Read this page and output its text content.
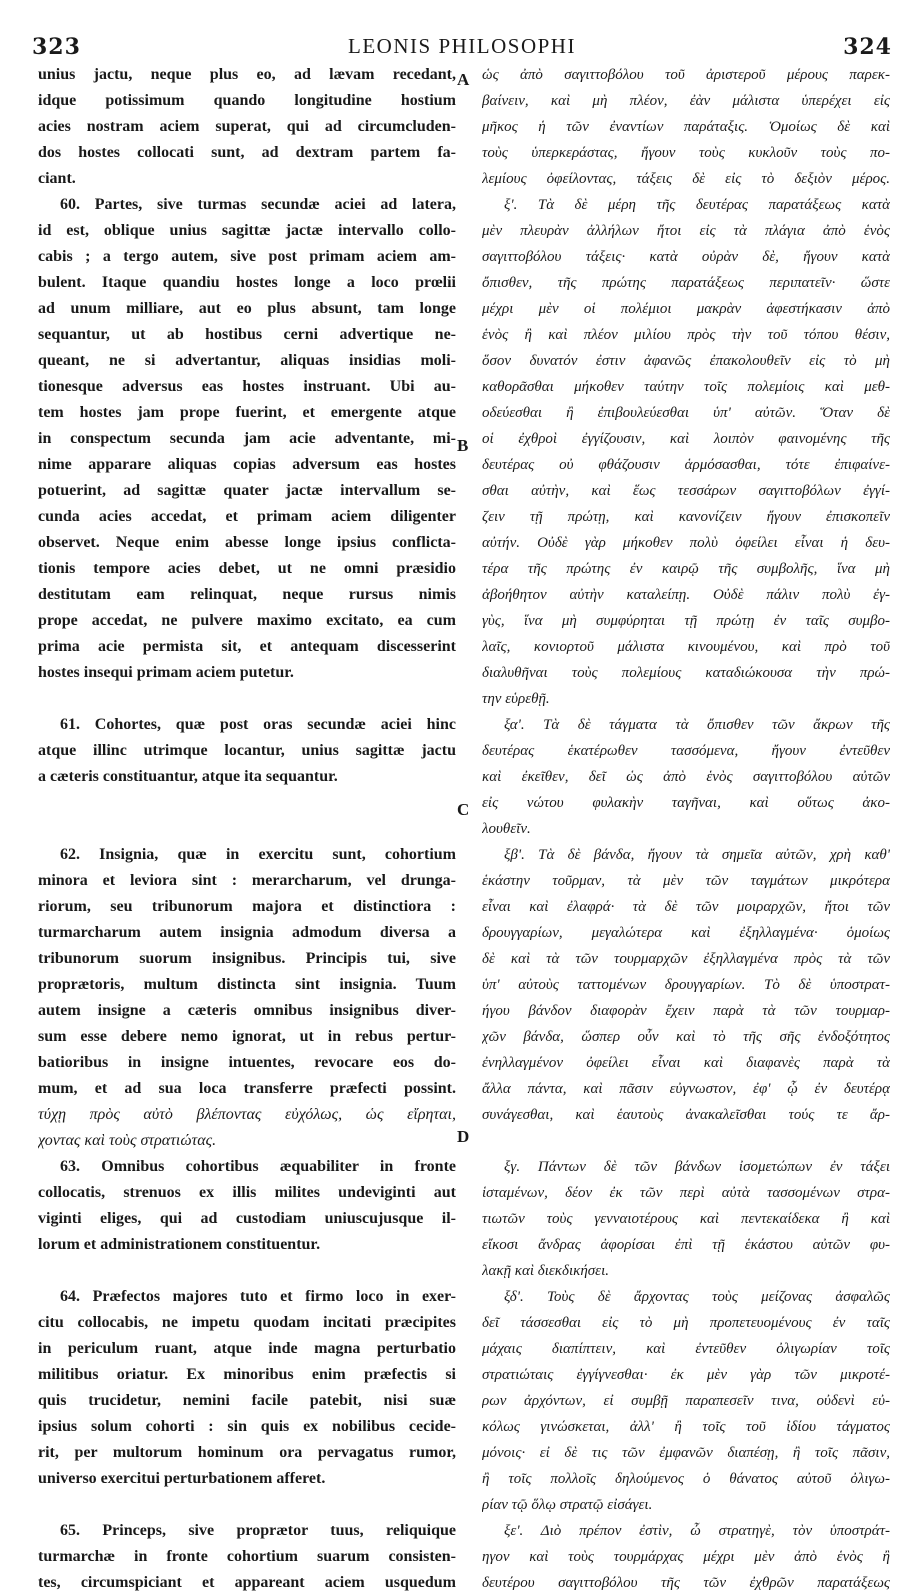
323	LEONIS PHILOSOPHI	324
A
B
C
D
unius jactu, neque plus eo, ad lævam recedant,
idque potissimum quando longitudine hostium
acies nostram aciem superat, qui ad circumcluden-
dos hostes collocati sunt, ad dextram partem fa-
ciant.
60. Partes, sive turmas secundæ aciei ad latera,
id est, oblique unius sagittæ jactæ intervallo collo-
cabis ; a tergo autem, sive post primam aciem am-
bulent. Itaque quandiu hostes longe a loco prœlii
ad unum milliare, aut eo plus absunt, tam longe
sequantur, ut ab hostibus cerni advertique ne-
queant, ne si advertantur, aliquas insidias moli-
tionesque adversus eas hostes instruant. Ubi au-
tem hostes jam prope fuerint, et emergente atque
in conspectum secunda jam acie adventante, mi-
nime apparare aliquas copias adversum eas hostes
potuerint, ad sagittæ quater jactæ intervallum se-
cunda acies accedat, et primam aciem diligenter
observet. Neque enim abesse longe ipsius conflicta-
tionis tempore acies debet, ut ne omni præsidio
destitutam eam relinquat, neque rursus nimis
prope accedat, ne pulvere maximo excitato, ea cum
prima acie permista sit, et antequam discesserint
hostes insequi primam aciem putetur.
61. Cohortes, quæ post oras secundæ aciei hinc
atque illinc utrimque locantur, unius sagittæ jactu
a cæteris constituantur, atque ita sequantur.
62. Insignia, quæ in exercitu sunt, cohortium
minora et leviora sint : merarcharum, vel drunga-
riorum, seu tribunorum majora et distinctiora :
turmarcharum autem insignia admodum diversa a
tribunorum suorum insignibus. Principis tui, sive
proprætoris, multum distincta sint insignia. Tuum
autem insigne a cæteris omnibus insignibus diver-
sum esse debere nemo ignorat, ut in rebus pertur-
batioribus in insigne intuentes, revocare eos do-
mum, et ad sua loca transferre præfecti possint.
τύχῃ πρὸς αὐτὸ βλέποντας εὐχόλως, ὡς εἴρηται,
χοντας καὶ τοὺς στρατιώτας.
63. Omnibus cohortibus æquabiliter in fronte
collocatis, strenuos ex illis milites undeviginti aut
viginti eliges, qui ad custodiam uniuscujusque il-
lorum et administrationem constituentur.
64. Præfectos majores tuto et firmo loco in exer-
citu collocabis, ne impetu quodam incitati præcipites
in periculum ruant, atque inde magna perturbatio
militibus oriatur. Ex minoribus enim præfectis si
quis trucidetur, nemini facile patebit, nisi suæ
ipsius solum cohorti : sin quis ex nobilibus cecide-
rit, per multorum hominum ora pervagatus rumor,
universo exercitui perturbationem afferet.
65. Princeps, sive proprætor tuus, reliquique
turmarchæ in fronte cohortium suarum consisten-
tes, circumspiciant et appareant aciem usquedum
ὡς ἀπὸ σαγιττοβόλου τοῦ ἀριστεροῦ μέρους παρεκ-
βαίνειν, καὶ μὴ πλέον, ἐὰν μάλιστα ὑπερέχει εἰς
μῆκος ἡ τῶν ἐναντίων παράταξις. Ὁμοίως δὲ καὶ
τοὺς ὑπερκεράστας, ἤγουν τοὺς κυκλοῦν τοὺς πο-
λεμίους ὀφείλοντας, τάξεις δὲ εἰς τὸ δεξιὸν μέρος.
ξ'. Τὰ δὲ μέρη τῆς δευτέρας παρατάξεως κατὰ
μὲν πλευρὰν ἀλλήλων ἤτοι εἰς τὰ πλάγια ἀπὸ ἑνὸς
σαγιττοβόλου τάξεις· κατὰ οὐρὰν δὲ, ἤγουν κατὰ
ὄπισθεν, τῆς πρώτης παρατάξεως περιπατεῖν· ὥστε
μέχρι μὲν οἱ πολέμιοι μακρὰν ἀφεστήκασιν ἀπὸ
ἑνὸς ἢ καὶ πλέον μιλίου πρὸς τὴν τοῦ τόπου θέσιν,
ὅσον δυνατόν ἐστιν ἀφανῶς ἐπακολουθεῖν εἰς τὸ μὴ
καθορᾶσθαι μήκοθεν ταύτην τοῖς πολεμίοις καὶ μεθ-
οδεύεσθαι ἢ ἐπιβουλεύεσθαι ὑπ' αὐτῶν. Ὅταν δὲ
οἱ ἐχθροὶ ἐγγίζουσιν, καὶ λοιπὸν φαινομένης τῆς
δευτέρας οὐ φθάζουσιν ἁρμόσασθαι, τότε ἐπιφαίνε-
σθαι αὐτὴν, καὶ ἕως τεσσάρων σαγιττοβόλων ἐγγί-
ζειν τῇ πρώτῃ, καὶ κανονίζειν ἤγουν ἐπισκοπεῖν
αὐτήν. Οὐδὲ γὰρ μήκοθεν πολὺ ὀφείλει εἶναι ἡ δευ-
τέρα τῆς πρώτης ἐν καιρῷ τῆς συμβολῆς, ἵνα μὴ
ἀβοήθητον αὐτὴν καταλείπῃ. Οὐδὲ πάλιν πολὺ ἐγ-
γὺς, ἵνα μὴ συμφύρηται τῇ πρώτῃ ἐν ταῖς συμβο-
λαῖς, κονιορτοῦ μάλιστα κινουμένου, καὶ πρὸ τοῦ
διαλυθῆναι τοὺς πολεμίους καταδιώκουσα τὴν πρώ-
την εὑρεθῇ.
ξα'. Τὰ δὲ τάγματα τὰ ὄπισθεν τῶν ἄκρων τῆς
δευτέρας ἑκατέρωθεν τασσόμενα, ἤγουν ἐντεῦθεν
καὶ ἐκεῖθεν, δεῖ ὡς ἀπὸ ἑνὸς σαγιττοβόλου αὐτῶν
εἰς νώτου φυλακὴν ταγῆναι, καὶ οὕτως ἀκο-
λουθεῖν.
ξβ'. Τὰ δὲ βάνδα, ἤγουν τὰ σημεῖα αὐτῶν, χρὴ καθ'
ἑκάστην τοῦρμαν, τὰ μὲν τῶν ταγμάτων μικρότερα
εἶναι καὶ ἐλαφρά· τὰ δὲ τῶν μοιραρχῶν, ἤτοι τῶν
δρουγγαρίων, μεγαλώτερα καὶ ἐξηλλαγμένα· ὁμοίως
δὲ καὶ τὰ τῶν τουρμαρχῶν ἐξηλλαγμένα πρὸς τὰ τῶν
ὑπ' αὐτοὺς ταττομένων δρουγγαρίων. Τὸ δὲ ὑποστρατ-
ήγου βάνδον διαφορὰν ἔχειν παρὰ τὰ τῶν τουρμαρ-
χῶν βάνδα, ὥσπερ οὖν καὶ τὸ τῆς σῆς ἐνδοξότητος
ἐνηλλαγμένον ὀφείλει εἶναι καὶ διαφανὲς παρὰ τὰ
ἄλλα πάντα, καὶ πᾶσιν εὐγνωστον, ἐφ' ᾧ ἐν δευτέρᾳ
συνάγεσθαι, καὶ ἑαυτοὺς ἀνακαλεῖσθαι τούς τε ἄρ-
ξγ. Πάντων δὲ τῶν βάνδων ἰσομετώπων ἐν τάξει
ἱσταμένων, δέον ἐκ τῶν περὶ αὐτὰ τασσομένων στρα-
τιωτῶν τοὺς γενναιοτέρους καὶ πεντεκαίδεκα ἢ καὶ
εἴκοσι ἄνδρας ἀφορίσαι ἐπὶ τῇ ἑκάστου αὐτῶν φυ-
λακῇ καὶ διεκδικήσει.
ξδ'. Τοὺς δὲ ἄρχοντας τοὺς μείζονας ἀσφαλῶς
δεῖ τάσσεσθαι εἰς τὸ μὴ προπετευομένους ἐν ταῖς
μάχαις διαπίπτειν, καὶ ἐντεῦθεν ὀλιγωρίαν τοῖς
στρατιώταις ἐγγίγνεσθαι· ἐκ μὲν γὰρ τῶν μικροτέ-
ρων ἀρχόντων, εἰ συμβῇ παραπεσεῖν τινα, οὐδενὶ εὐ-
κόλως γινώσκεται, ἀλλ' ἢ τοῖς τοῦ ἰδίου τάγματος
μόνοις· εἰ δὲ τις τῶν ἐμφανῶν διαπέσῃ, ἢ τοῖς πᾶσιν,
ἢ τοῖς πολλοῖς δηλούμενος ὁ θάνατος αὐτοῦ ὀλιγω-
ρίαν τῷ ὅλῳ στρατῷ εἰσάγει.
ξε'. Διὸ πρέπον ἐστὶν, ὦ στρατηγὲ, τὸν ὑποστράτ-
ηγον καὶ τοὺς τουρμάρχας μέχρι μὲν ἀπὸ ἑνὸς ἢ
δευτέρου σαγιττοβόλου τῆς τῶν ἐχθρῶν παρατάξεως
